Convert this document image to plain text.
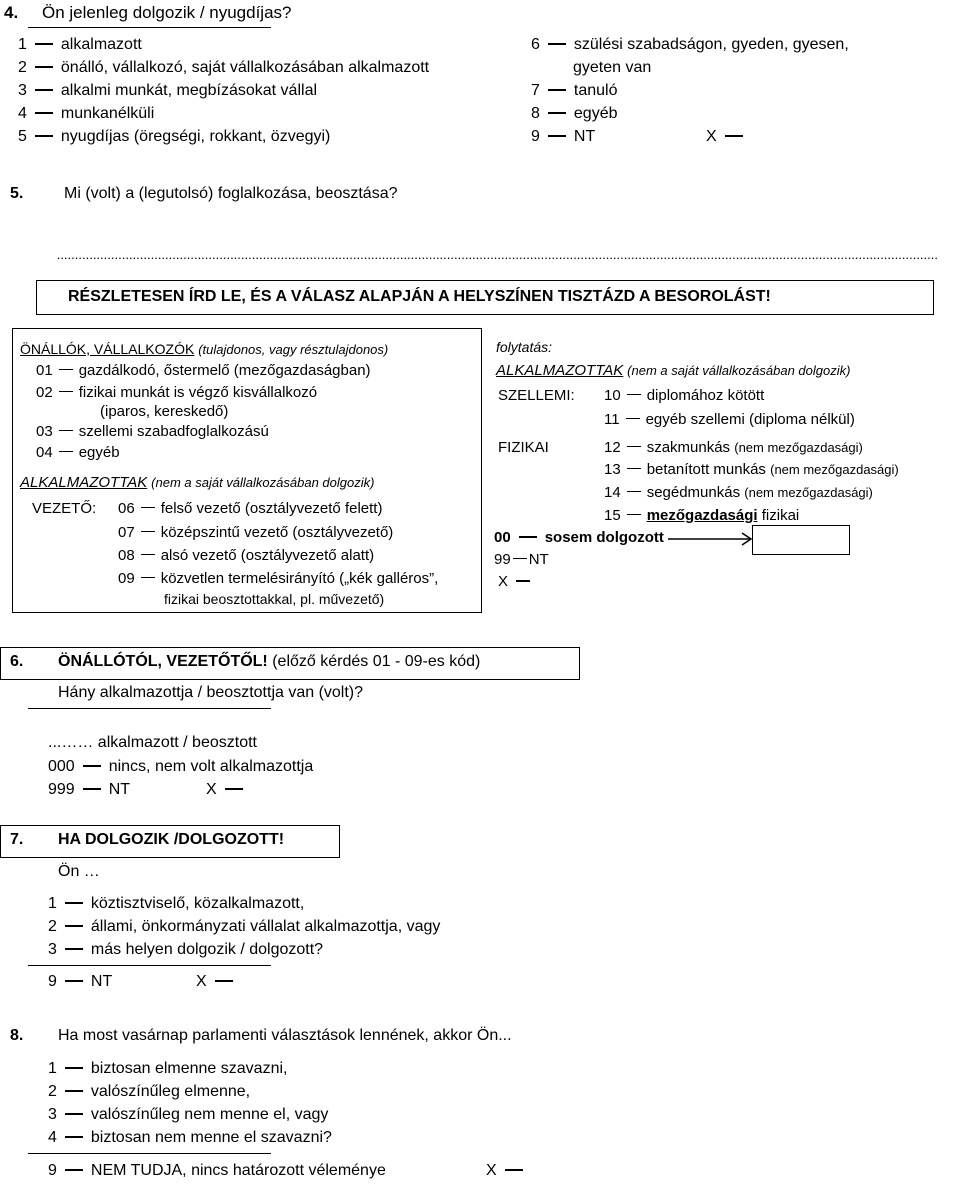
4. Ön jelenleg dolgozik / nyugdíjas?
1 alkalmazott
2 önálló, vállalkozó, saját vállalkozásában alkalmazott
3 alkalmi munkát, megbízásokat vállal
4 munkanélküli
5 nyugdíjas (öregségi, rokkant, özvegyi)
6 szülési szabadságon, gyeden, gyesen,
gyeten van
7 tanuló
8 egyéb
9 NT	X
5.	Mi (volt) a (legutolsó) foglalkozása, beosztása?
....................................................................................................................................................................................................................................................
RÉSZLETESEN ÍRD LE, ÉS A VÁLASZ ALAPJÁN A HELYSZÍNEN TISZTÁZD A BESOROLÁST!
ÖNÁLLÓK, VÁLLALKOZÓK (tulajdonos, vagy résztulajdonos)
01 gazdálkodó, őstermelő (mezőgazdaságban)
02 fizikai munkát is végző kisvállalkozó
(iparos, kereskedő)
03 szellemi szabadfoglalkozású
04 egyéb
ALKALMAZOTTAK (nem a saját vállalkozásában dolgozik)
VEZETŐ: 06 felső vezető (osztályvezető felett)
07 középszintű vezető (osztályvezető)
08 alsó vezető (osztályvezető alatt)
09 közvetlen termelésirányító („kék galléros”,
fizikai beosztottakkal, pl. művezető)
folytatás:
ALKALMAZOTTAK (nem a saját vállalkozásában dolgozik)
SZELLEMI: 10 diplomához kötött
11 egyéb szellemi (diploma nélkül)
FIZIKAI	12 szakmunkás
(nem mezőgazdasági)
13 betanított munkás
(nem mezőgazdasági)
14 segédmunkás
(nem mezőgazdasági)
15 mezőgazdasági
fizikai
00 sosem dolgozott
99 NT
X
6. ÖNÁLLÓTÓL, VEZETŐTŐL! (előző kérdés 01 - 09-es kód)
Hány alkalmazottja / beosztottja van (volt)?
...…… alkalmazott / beosztott
000 nincs, nem volt alkalmazottja
999 NT	X
7. HA DOLGOZIK /DOLGOZOTT!
Ön …
1 köztisztviselő, közalkalmazott,
2 állami, önkormányzati vállalat alkalmazottja, vagy
3 más helyen dolgozik / dolgozott?
9 NT	X
8. Ha most vasárnap parlamenti választások lennének, akkor Ön...
1 biztosan elmenne szavazni,
2 valószínűleg elmenne,
3 valószínűleg nem menne el, vagy
4 biztosan nem menne el szavazni?
9 NEM TUDJA, nincs határozott véleménye	X
